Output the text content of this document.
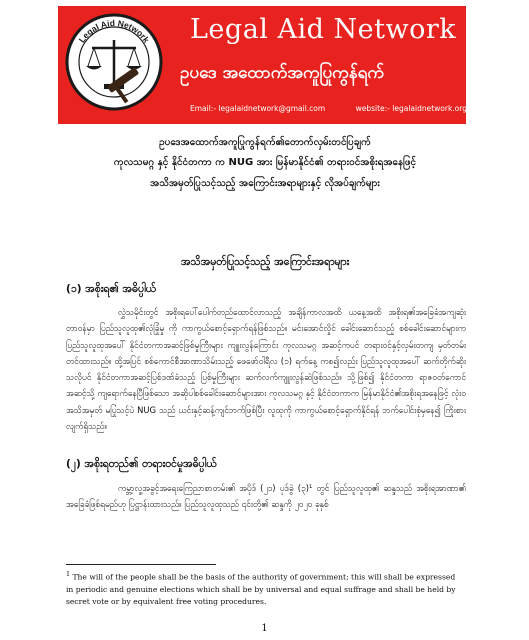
Legal Aid Network Legal Aid Network
ဥပဒေ အထောက်အကူပြုကွန်ရက်
Email:- legalaidnetwork@gmail.com	website:- legalaidnetwork.org
ဥပဒေအထောက်အကူပြုကွန်ရက်၏တောက်လှမ်းတင်ပြချက်
ကုလသမဂ္ဂ နှင့် နိုင်ငံတကာ က NUG အား မြန်မာနိုင်ငံ၏ တရားဝင်အစိုးရအနေဖြင့်
အသိအမှတ်ပြုသင့်သည့် အကြောင်းအရာများနှင့် လိုအပ်ချက်များ
အသိအမှတ်ပြုသင့်သည့် အကြောင်းအရာများ
(၁) အစိုးရ၏ အဓိပ္ပါယ်
လွှဲသမိုင်းတွင် အစိုးရပေါ်ပေါက်တည်ထောင်လာသည့် အချိန်ကာလအထိ ယနေ့အထိ အစိုးရ၏အခြေခံအကျဆုံး တာဝန်မှာ ပြည်သူလူထု၏လုံခြုံမှု ကို ကာကွယ်စောင့်ရှောက်ရန်ဖြစ်သည်။ မင်းအောင်လှိုင် ခေါင်းဆောင်သည့် စစ်ခေါင်းဆောင်များက ပြည်သူလူထုအပေါ် နိုင်ငံတကာအဆင့်ဖြစ်မှုကြီးများ ကျူးလွန်ကြောင်း ကုလသမဂ္ဂ အဆင့်ကပင် တရားဝင်နှင့်လှမ်းတကျ မှတ်တမ်းတင်ထားသည်။ ထို့အပြင် စစ်ကောင်စီအာဏာသိမ်းသည့် ဖေဖော်ဝါရီလ (၁) ရက်နေ့ ကစ၍လည်း ပြည်သူလူထုအပေါ် ဆက်တိုက်ဆိုး သလိုပင် နိုင်ငံတကာအဆင့်ပြစ်ဒဏ်ခံသည့် ပြစ်မှုကြီးများ ဆက်လက်ကျူးလွန်ဆဲဖြစ်သည်။ သို့ဖြစ်၍ နိုင်ငံတကာ ရာဇဝတ်ကောင်အဆင့်သို့ ကျရောက်နေပြီဖြစ်သော အဆိုပါစစ်ခေါင်းဆောင်များအား ကုလသမဂ္ဂ နှင့် နိုင်ငံတကာက မြန်မာနိုင်ငံ၏အစိုးရအနေဖြင့် လုံးဝ အသိအမှတ် မပြုသင့်ပဲ NUG သည် ယင်းနှင့်ဆန့်ကျင်ဘက်ဖြစ်ပြီး လူထုကို ကာကွယ်စောင့်ရှောက်နိုင်ရန် ဘက်ပေါင်းစုံမှနေ၍ ကြိုးစားလျက်ရှိသည်။
(၂) အစိုးရတည်၏ တရားဝင်မှုအဓိပ္ပါယ်
ကမ္ဘာ့လူ့အခွင့်အရေးကြေညာစာတမ်း၏ အပိုဒ် (၂၁) ပုဒ်ခွဲ (၃)¹ တွင် ပြည်သူလူထု၏ ဆန္ဒသည် အစိုးရအာဏာ၏ အခြေခံဖြစ်ရမည်ဟု ပြဋ္ဌာန်းထားသည်။ ပြည်သူလူထုသည် ၎င်းတို့၏ ဆန္ဒကို ၂၀၂၀ ခုနှစ်
$^1$ The will of the people shall be the basis of the authority of government; this will shall be expressed in periodic and genuine elections which shall be by universal and equal suffrage and shall be held by secret vote or by equivalent free voting procedures.
1
